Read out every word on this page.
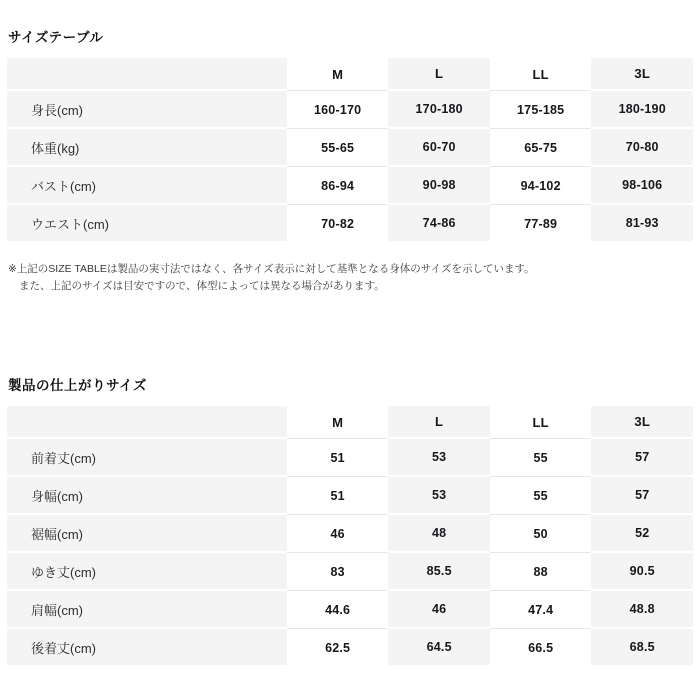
サイズテーブル
	M	L	LL	3L
身長(cm)	160-170	170-180	175-185	180-190
体重(kg)	55-65	60-70	65-75	70-80
バスト(cm)	86-94	90-98	94-102	98-106
ウエスト(cm)	70-82	74-86	77-89	81-93
※上記のSIZE TABLEは製品の実寸法ではなく、各サイズ表示に対して基準となる身体のサイズを示しています。
また、上記のサイズは目安ですので、体型によっては異なる場合があります。
製品の仕上がりサイズ
	M	L	LL	3L
前着丈(cm)	51	53	55	57
身幅(cm)	51	53	55	57
裾幅(cm)	46	48	50	52
ゆき丈(cm)	83	85.5	88	90.5
肩幅(cm)	44.6	46	47.4	48.8
後着丈(cm)	62.5	64.5	66.5	68.5
